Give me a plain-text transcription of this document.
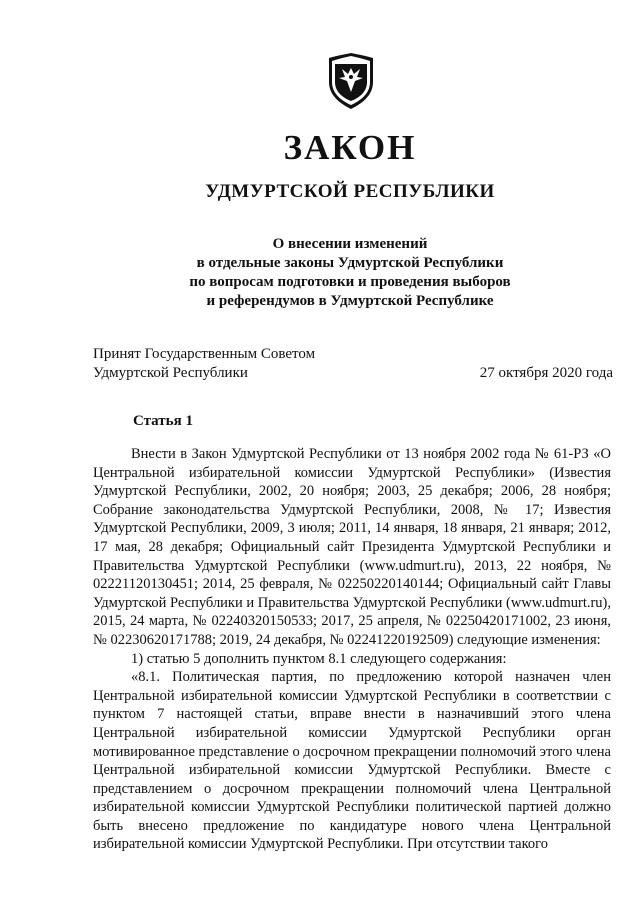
ЗАКОН
УДМУРТСКОЙ РЕСПУБЛИКИ
О внесении изменений
в отдельные законы Удмуртской Республики
по вопросам подготовки и проведения выборов
и референдумов в Удмуртской Республике
Принят Государственным Советом
Удмуртской Республики	27 октября 2020 года
Статья 1

Внести в Закон Удмуртской Республики от 13 ноября 2002 года № 61-РЗ «О Центральной избирательной комиссии Удмуртской Республики» (Известия Удмуртской Республики, 2002, 20 ноября; 2003, 25 декабря; 2006, 28 ноября; Собрание законодательства Удмуртской Республики, 2008, № 17; Известия Удмуртской Республики, 2009, 3 июля; 2011, 14 января, 18 января, 21 января; 2012, 17 мая, 28 декабря; Официальный сайт Президента Удмуртской Республики и Правительства Удмуртской Республики (www.udmurt.ru), 2013, 22 ноября, № 02221120130451; 2014, 25 февраля, № 02250220140144; Официальный сайт Главы Удмуртской Республики и Правительства Удмуртской Республики (www.udmurt.ru), 2015, 24 марта, № 02240320150533; 2017, 25 апреля, № 02250420171002, 23 июня, № 02230620171788; 2019, 24 декабря, № 02241220192509) следующие изменения:

1) статью 5 дополнить пунктом 8.1 следующего содержания:

«8.1. Политическая партия, по предложению которой назначен член Центральной избирательной комиссии Удмуртской Республики в соответствии с пунктом 7 настоящей статьи, вправе внести в назначивший этого члена Центральной избирательной комиссии Удмуртской Республики орган мотивированное представление о досрочном прекращении полномочий этого члена Центральной избирательной комиссии Удмуртской Республики. Вместе с представлением о досрочном прекращении полномочий члена Центральной избирательной комиссии Удмуртской Республики политической партией должно быть внесено предложение по кандидатуре нового члена Центральной избирательной комиссии Удмуртской Республики. При отсутствии такого
